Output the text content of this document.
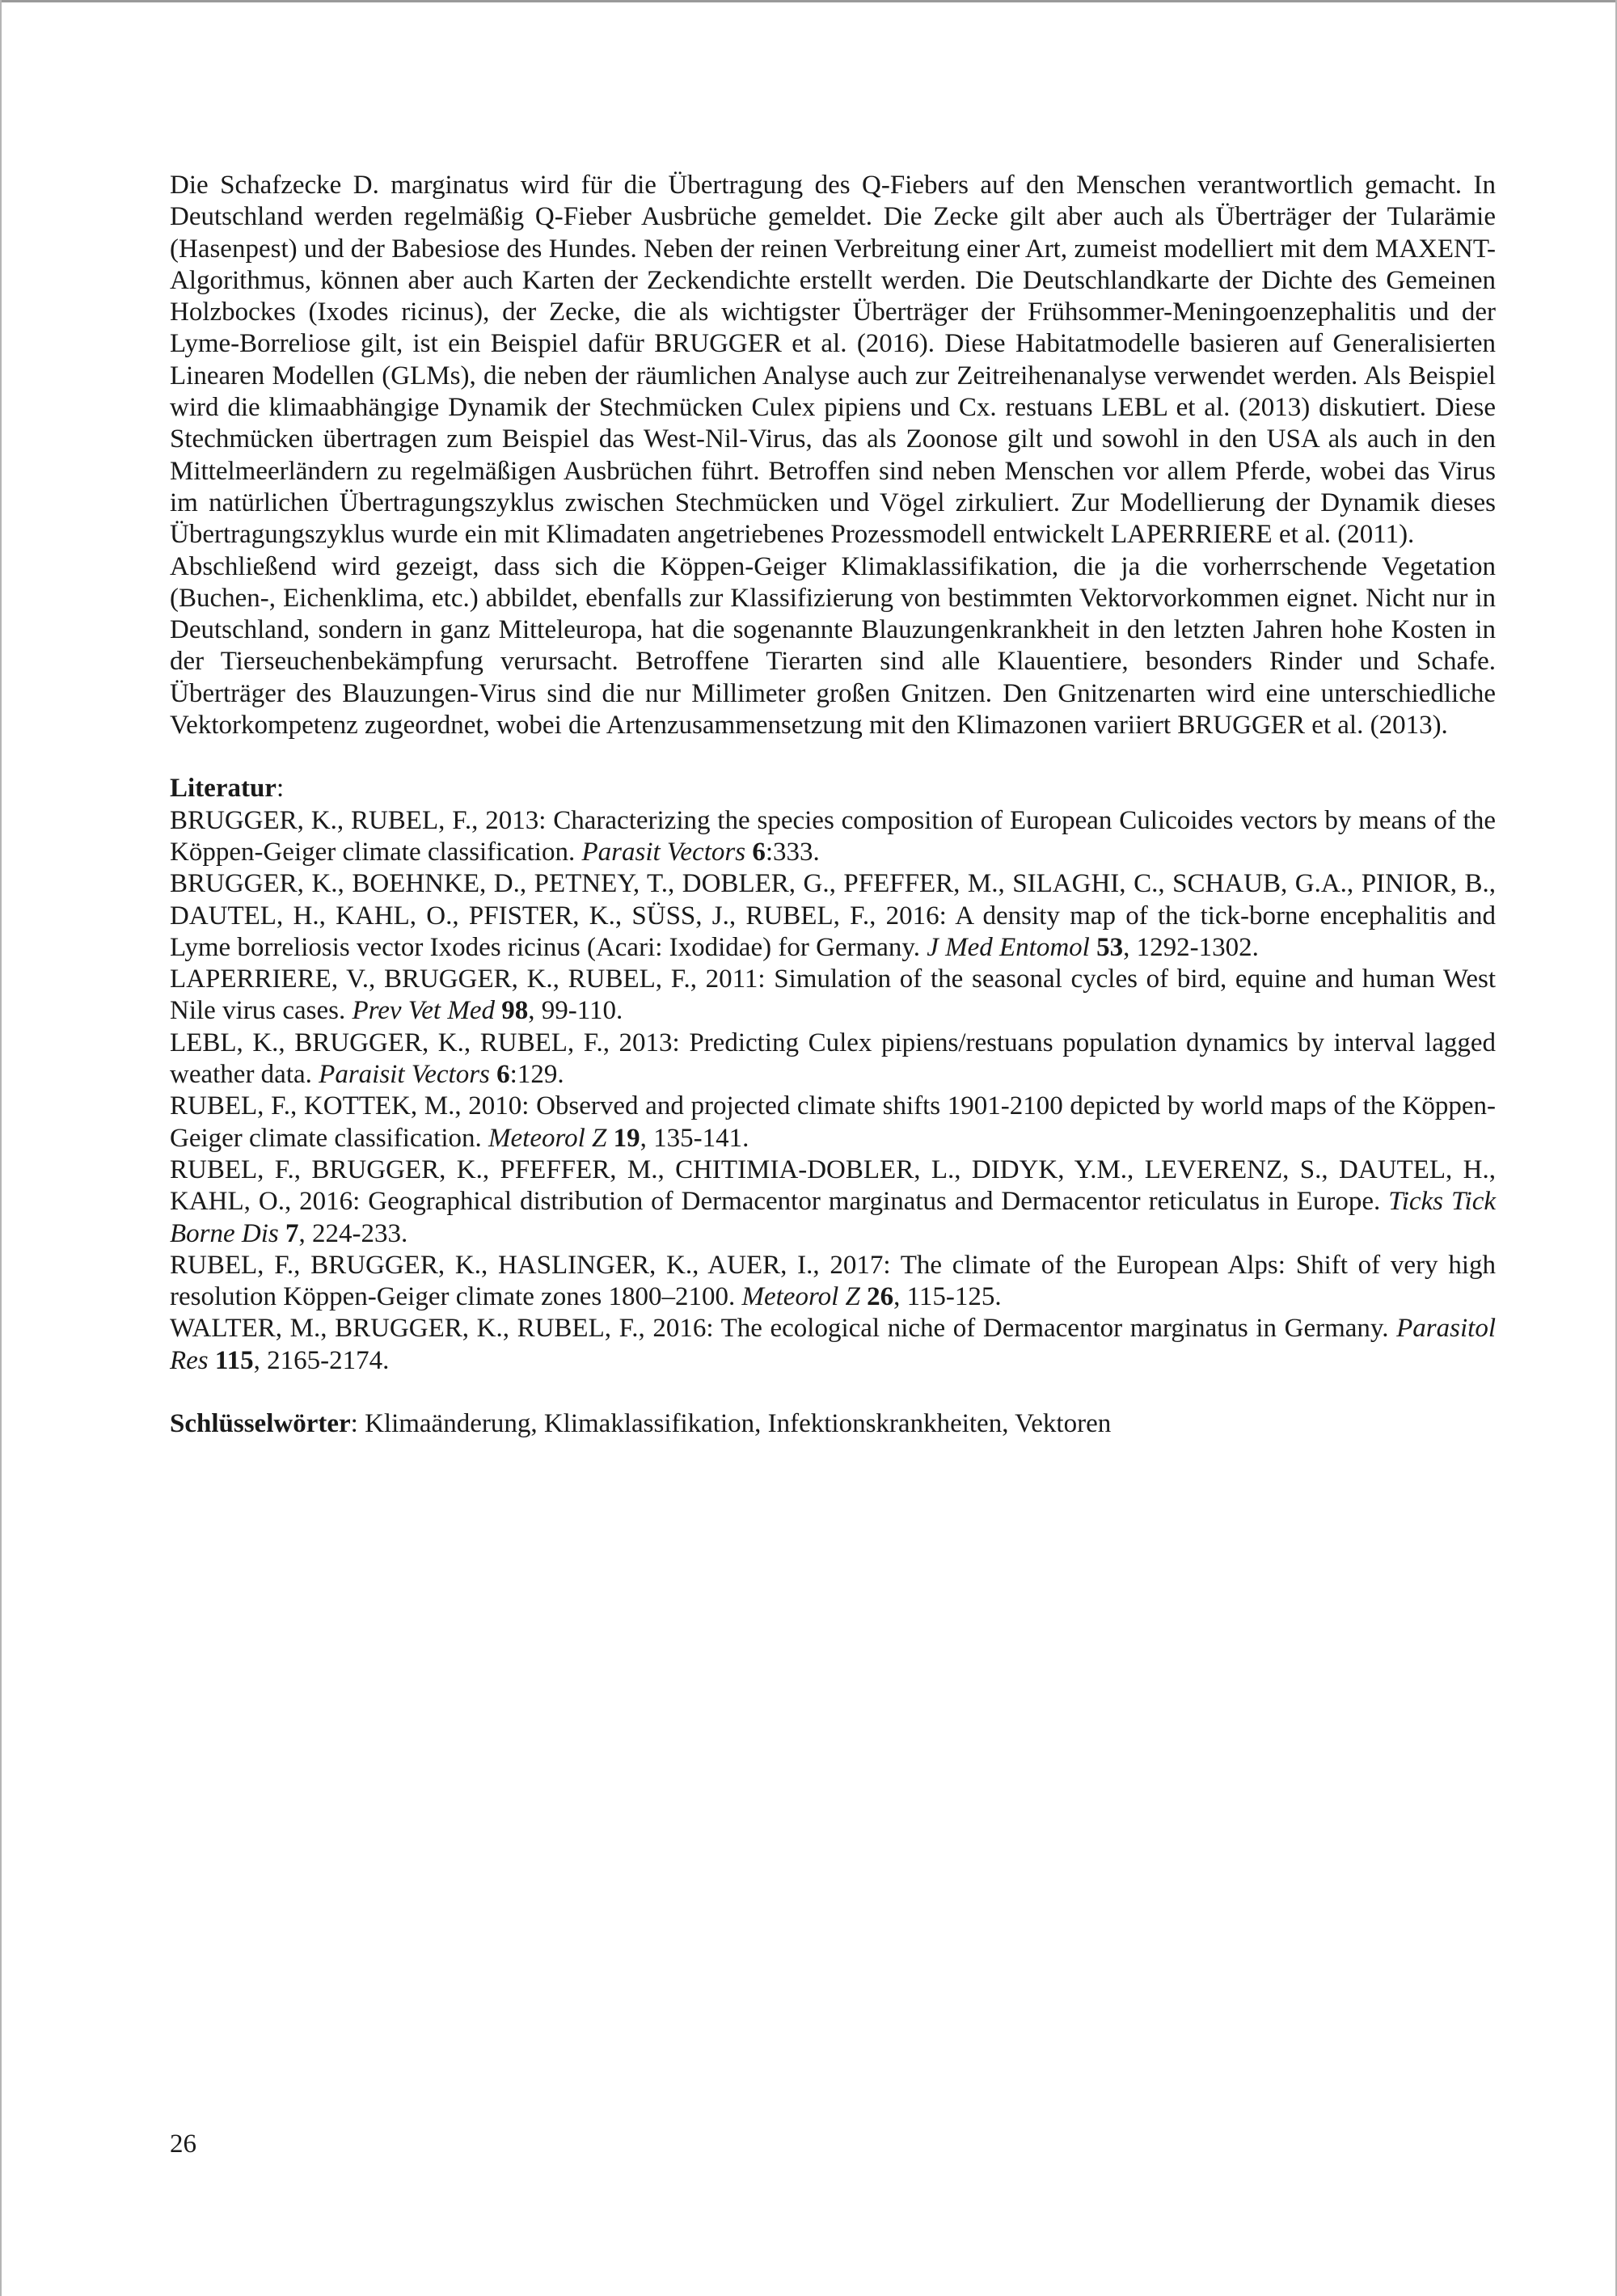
Die Schafzecke D. marginatus wird für die Übertragung des Q-Fiebers auf den Menschen verantwortlich gemacht. In Deutschland werden regelmäßig Q-Fieber Ausbrüche gemeldet. Die Zecke gilt aber auch als Überträger der Tularämie (Hasenpest) und der Babesiose des Hundes. Neben der reinen Verbreitung einer Art, zumeist modelliert mit dem MAXENT-Algorithmus, können aber auch Karten der Zeckendichte erstellt werden. Die Deutschlandkarte der Dichte des Gemeinen Holzbockes (Ixodes ricinus), der Zecke, die als wichtigster Überträger der Frühsommer-Meningoenzephalitis und der Lyme-Borreliose gilt, ist ein Beispiel dafür BRUGGER et al. (2016). Diese Habitatmodelle basieren auf Generalisierten Linearen Modellen (GLMs), die neben der räumlichen Analyse auch zur Zeitreihenanalyse verwendet werden. Als Beispiel wird die klimaabhängige Dynamik der Stechmücken Culex pipiens und Cx. restuans LEBL et al. (2013) diskutiert. Diese Stechmücken übertragen zum Beispiel das West-Nil-Virus, das als Zoonose gilt und sowohl in den USA als auch in den Mittelmeerländern zu regelmäßigen Ausbrüchen führt. Betroffen sind neben Menschen vor allem Pferde, wobei das Virus im natürlichen Übertragungszyklus zwischen Stechmücken und Vögel zirkuliert. Zur Modellierung der Dynamik dieses Übertragungszyklus wurde ein mit Klimadaten angetriebenes Prozessmodell entwickelt LAPERRIERE et al. (2011).

Abschließend wird gezeigt, dass sich die Köppen-Geiger Klimaklassifikation, die ja die vorherrschende Vegetation (Buchen-, Eichenklima, etc.) abbildet, ebenfalls zur Klassifizierung von bestimmten Vektorvorkommen eignet. Nicht nur in Deutschland, sondern in ganz Mitteleuropa, hat die sogenannte Blauzungenkrankheit in den letzten Jahren hohe Kosten in der Tierseuchenbekämpfung verursacht. Betroffene Tierarten sind alle Klauentiere, besonders Rinder und Schafe. Überträger des Blauzungen-Virus sind die nur Millimeter großen Gnitzen. Den Gnitzenarten wird eine unterschiedliche Vektorkompetenz zugeordnet, wobei die Artenzusammensetzung mit den Klimazonen variiert BRUGGER et al. (2013).

Literatur:

BRUGGER, K., RUBEL, F., 2013: Characterizing the species composition of European Culicoides vectors by means of the Köppen-Geiger climate classification. Parasit Vectors 6:333.

BRUGGER, K., BOEHNKE, D., PETNEY, T., DOBLER, G., PFEFFER, M., SILAGHI, C., SCHAUB, G.A., PINIOR, B., DAUTEL, H., KAHL, O., PFISTER, K., SÜSS, J., RUBEL, F., 2016: A density map of the tick-borne encephalitis and Lyme borreliosis vector Ixodes ricinus (Acari: Ixodidae) for Germany. J Med Entomol 53, 1292-1302.

LAPERRIERE, V., BRUGGER, K., RUBEL, F., 2011: Simulation of the seasonal cycles of bird, equine and human West Nile virus cases. Prev Vet Med 98, 99-110.

LEBL, K., BRUGGER, K., RUBEL, F., 2013: Predicting Culex pipiens/restuans population dynamics by interval lagged weather data. Paraisit Vectors 6:129.

RUBEL, F., KOTTEK, M., 2010: Observed and projected climate shifts 1901-2100 depicted by world maps of the Köppen-Geiger climate classification. Meteorol Z 19, 135-141.

RUBEL, F., BRUGGER, K., PFEFFER, M., CHITIMIA-DOBLER, L., DIDYK, Y.M., LEVERENZ, S., DAUTEL, H., KAHL, O., 2016: Geographical distribution of Dermacentor marginatus and Dermacentor reticulatus in Europe. Ticks Tick Borne Dis 7, 224-233.

RUBEL, F., BRUGGER, K., HASLINGER, K., AUER, I., 2017: The climate of the European Alps: Shift of very high resolution Köppen-Geiger climate zones 1800–2100. Meteorol Z 26, 115-125.

WALTER, M., BRUGGER, K., RUBEL, F., 2016: The ecological niche of Dermacentor marginatus in Germany. Parasitol Res 115, 2165-2174.

Schlüsselwörter: Klimaänderung, Klimaklassifikation, Infektionskrankheiten, Vektoren

26
